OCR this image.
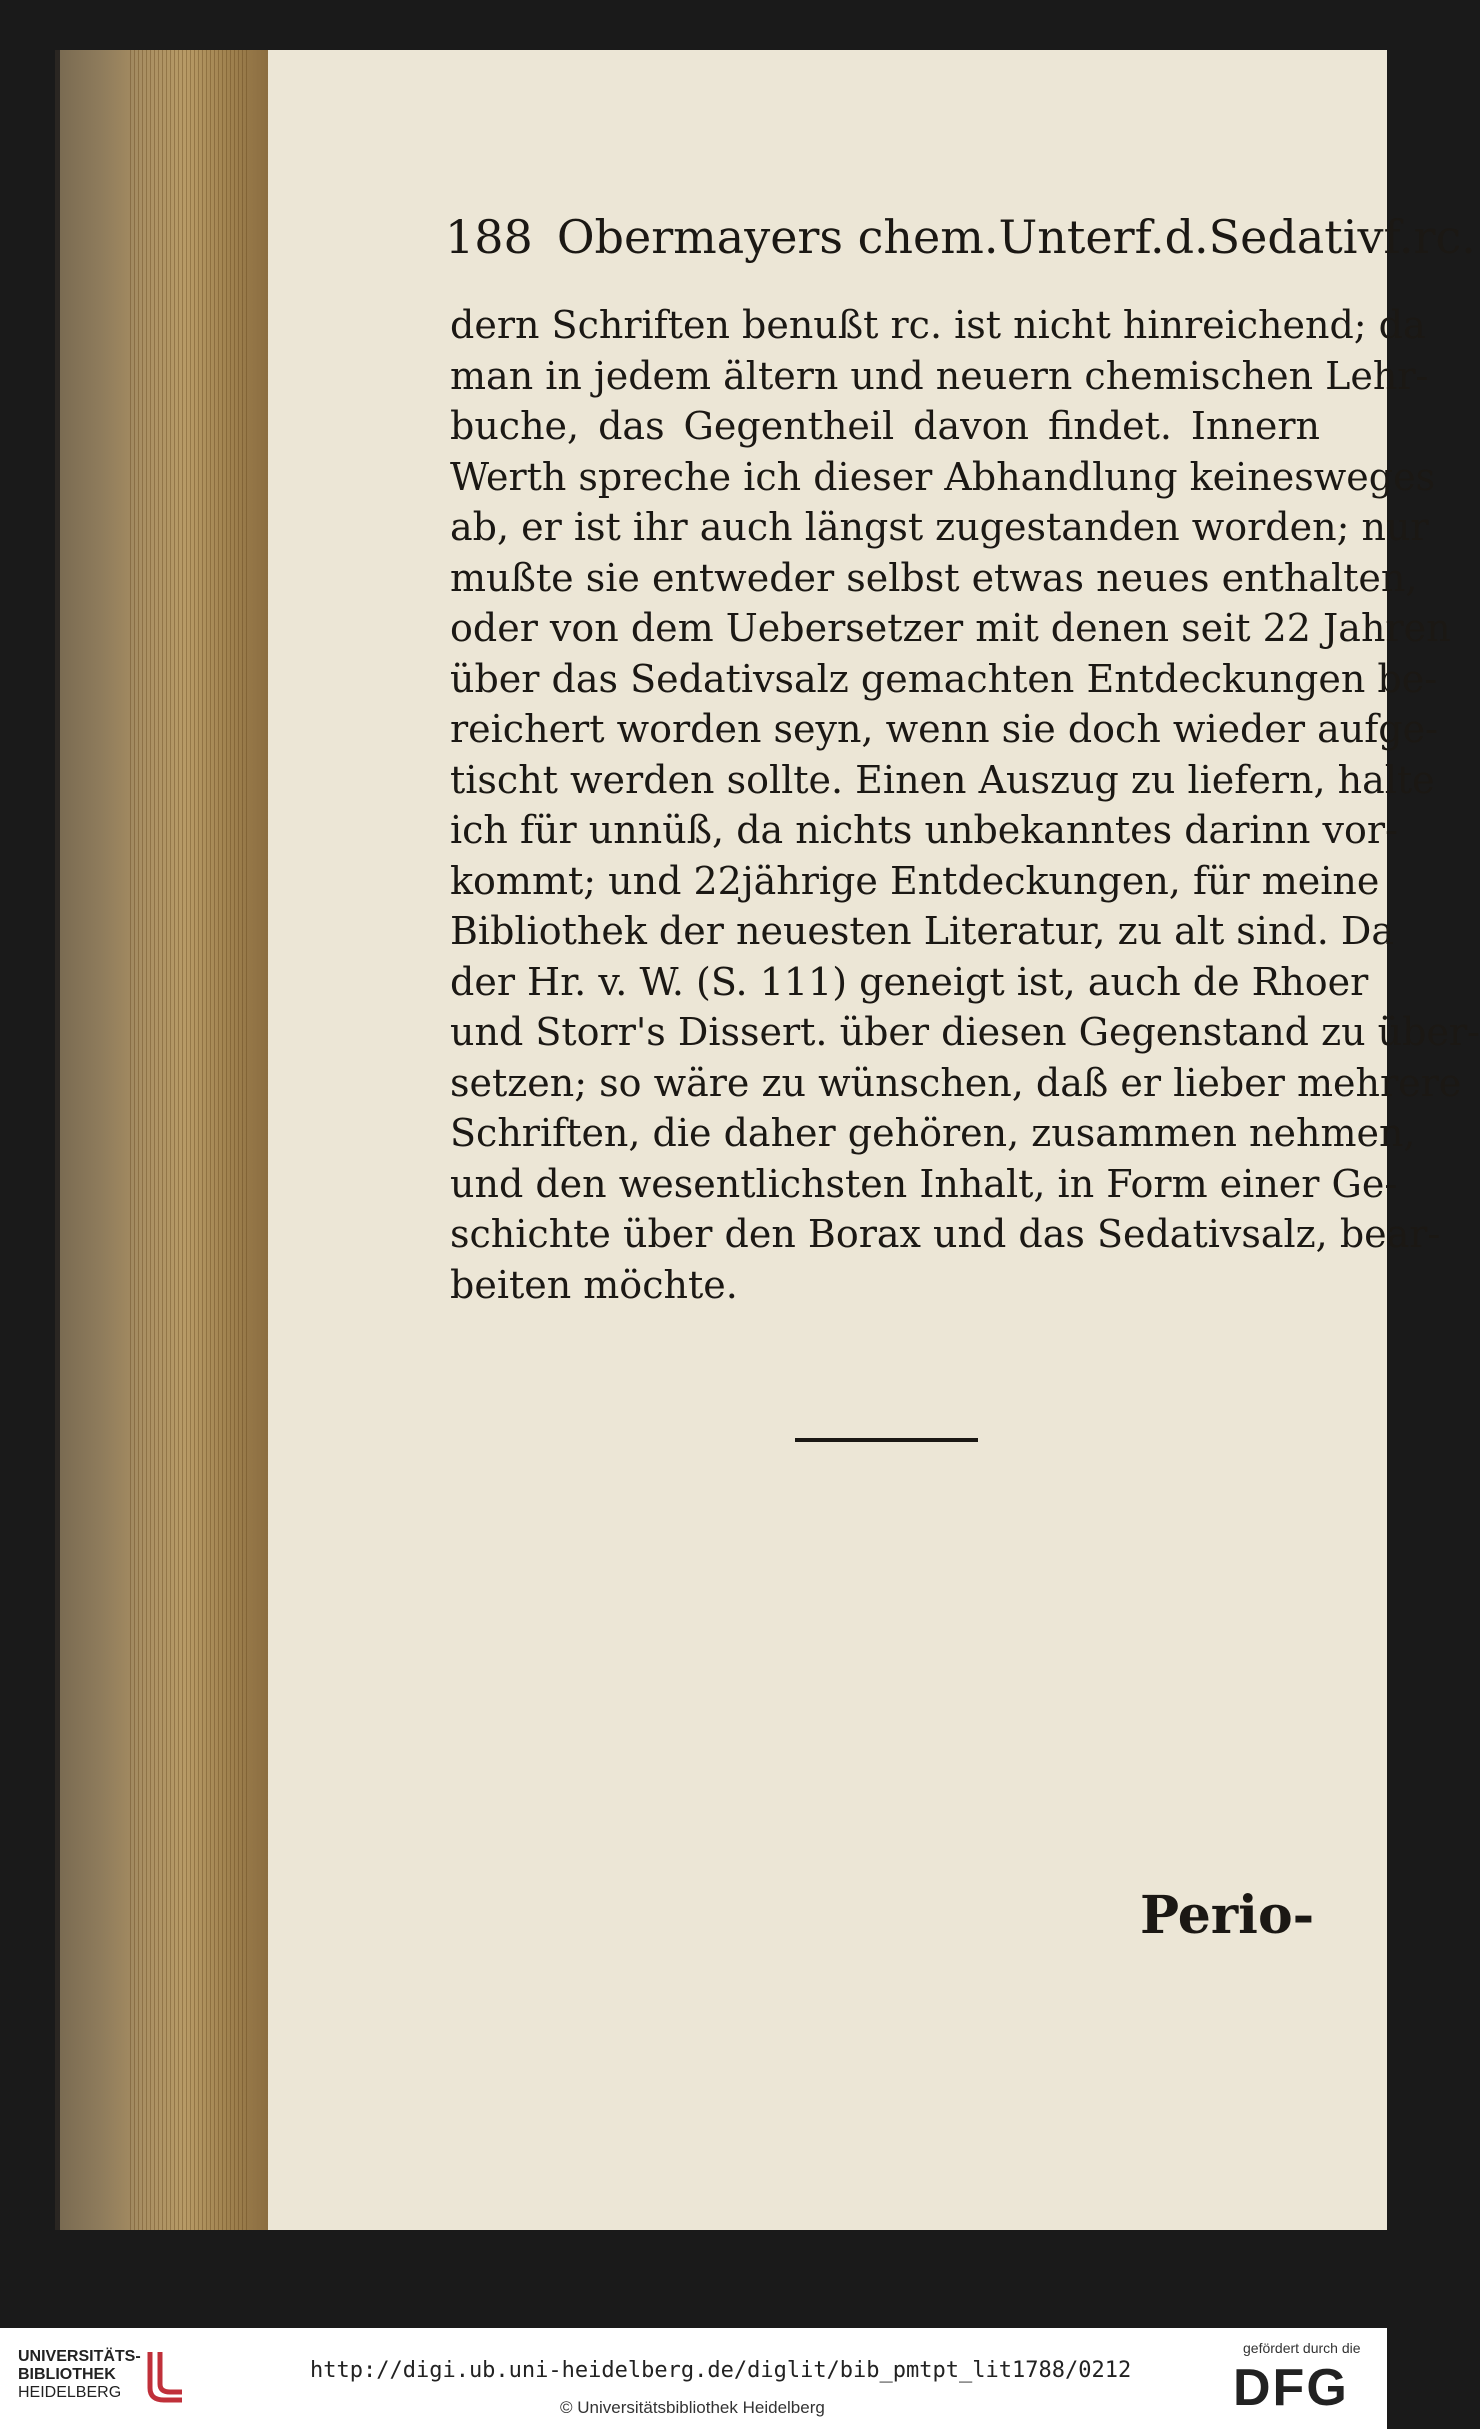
188 Obermayers chem.Unterf.d.Sedativf.rc.
dern Schriften benußt rc. ist nicht hinreichend; da
man in jedem ältern und neuern chemischen Lehr-
buche, das Gegentheil davon findet. Innern
Werth spreche ich dieser Abhandlung keinesweges
ab, er ist ihr auch längst zugestanden worden; nur
mußte sie entweder selbst etwas neues enthalten,
oder von dem Uebersetzer mit denen seit 22 Jahren
über das Sedativsalz gemachten Entdeckungen be-
reichert worden seyn, wenn sie doch wieder aufge-
tischt werden sollte. Einen Auszug zu liefern, halte
ich für unnüß, da nichts unbekanntes darinn vor-
kommt; und 22jährige Entdeckungen, für meine
Bibliothek der neuesten Literatur, zu alt sind. Da
der Hr. v. W. (S. 111) geneigt ist, auch de Rhoer
und Storr's Dissert. über diesen Gegenstand zu über-
setzen; so wäre zu wünschen, daß er lieber mehrere
Schriften, die daher gehören, zusammen nehmen,
und den wesentlichsten Inhalt, in Form einer Ge-
schichte über den Borax und das Sedativsalz, bear-
beiten möchte.
Perio-
UNIVERSITÄTS-
BIBLIOTHEK
HEIDELBERG
http://digi.ub.uni-heidelberg.de/diglit/bib_pmtpt_lit1788/0212
© Universitätsbibliothek Heidelberg
gefördert durch die
DFG
